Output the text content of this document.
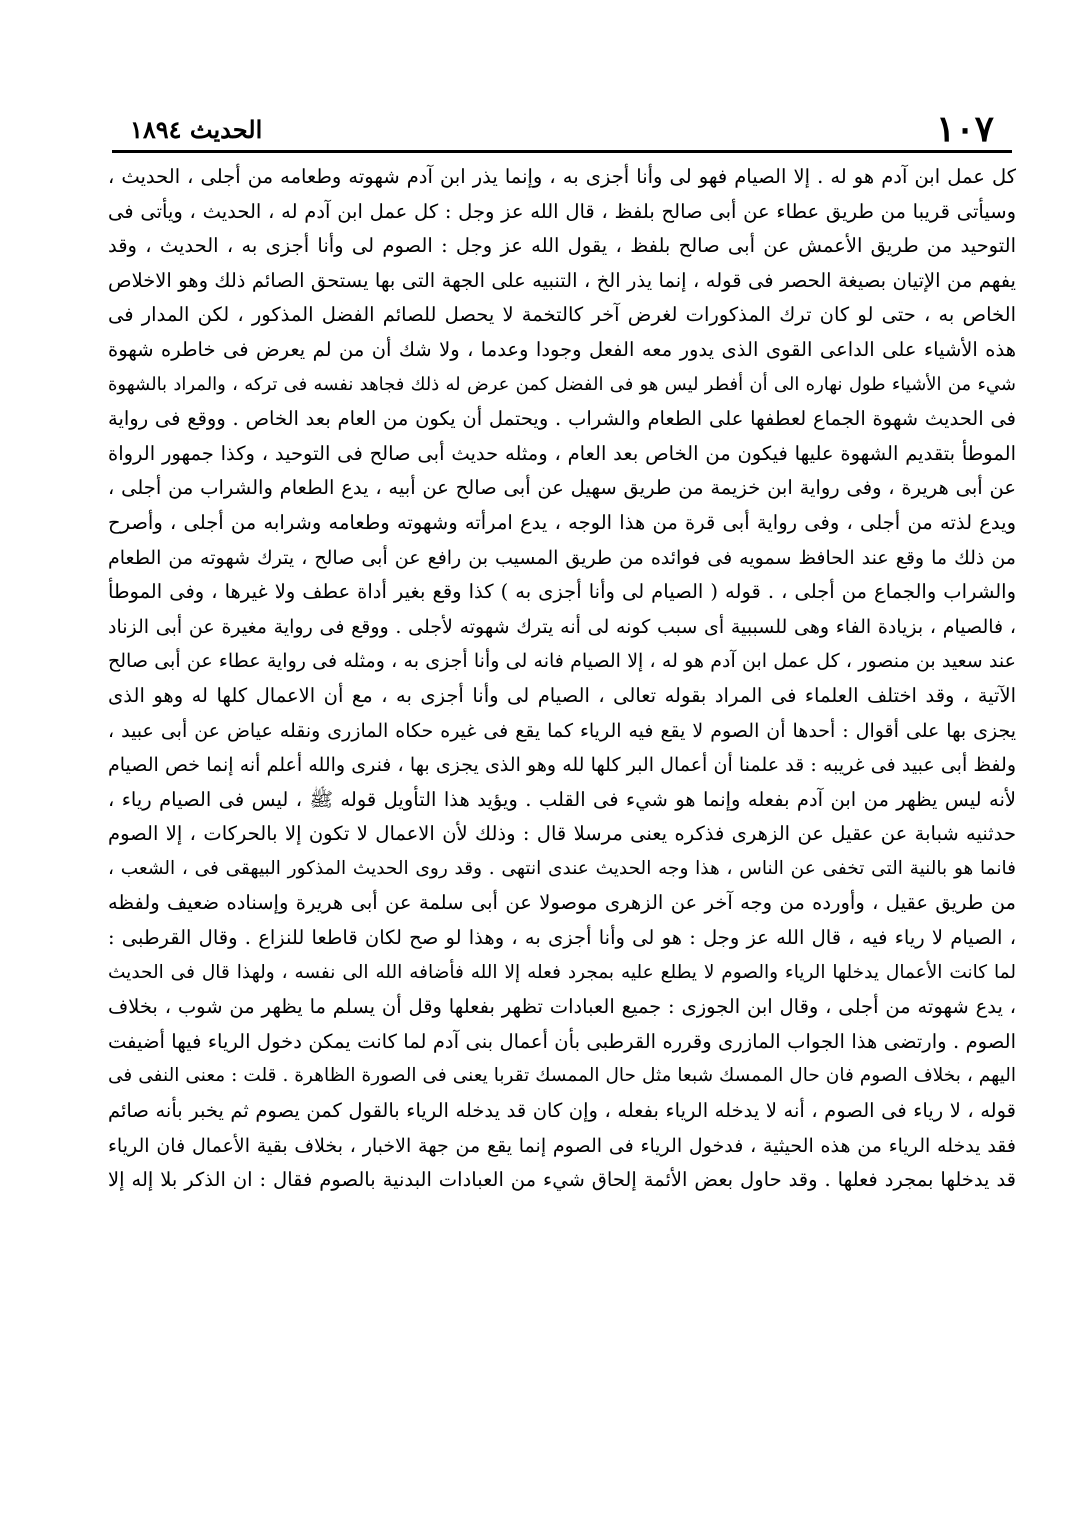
١٠٧
الحديث ١٨٩٤
كل عمل ابن آدم هو له . إلا الصيام فهو لى وأنا أجزى به ، وإنما يذر ابن آدم شهوته وطعامه من أجلى ، الحديث ،
وسيأتى قريبا من طريق عطاء عن أبى صالح بلفظ ، قال الله عز وجل : كل عمل ابن آدم له ، الحديث ، ويأتى فى
التوحيد من طريق الأعمش عن أبى صالح بلفظ ، يقول الله عز وجل : الصوم لى وأنا أجزى به ، الحديث ، وقد
يفهم من الإتيان بصيغة الحصر فى قوله ، إنما يذر الخ ، التنبيه على الجهة التى بها يستحق الصائم ذلك وهو الاخلاص
الخاص به ، حتى لو كان ترك المذكورات لغرض آخر كالتخمة لا يحصل للصائم الفضل المذكور ، لكن المدار فى
هذه الأشياء على الداعى القوى الذى يدور معه الفعل وجودا وعدما ، ولا شك أن من لم يعرض فى خاطره شهوة
شيء من الأشياء طول نهاره الى أن أفطر ليس هو فى الفضل كمن عرض له ذلك فجاهد نفسه فى تركه ، والمراد بالشهوة
فى الحديث شهوة الجماع لعطفها على الطعام والشراب . ويحتمل أن يكون من العام بعد الخاص . ووقع فى رواية
الموطأ بتقديم الشهوة عليها فيكون من الخاص بعد العام ، ومثله حديث أبى صالح فى التوحيد ، وكذا جمهور الرواة
عن أبى هريرة ، وفى رواية ابن خزيمة من طريق سهيل عن أبى صالح عن أبيه ، يدع الطعام والشراب من أجلى ،
ويدع لذته من أجلى ، وفى رواية أبى قرة من هذا الوجه ، يدع امرأته وشهوته وطعامه وشرابه من أجلى ، وأصرح
من ذلك ما وقع عند الحافظ سمويه فى فوائده من طريق المسيب بن رافع عن أبى صالح ، يترك شهوته من الطعام
والشراب والجماع من أجلى ، . قوله ( الصيام لى وأنا أجزى به ) كذا وقع بغير أداة عطف ولا غيرها ، وفى الموطأ
، فالصيام ، بزيادة الفاء وهى للسببية أى سبب كونه لى أنه يترك شهوته لأجلى . ووقع فى رواية مغيرة عن أبى الزناد
عند سعيد بن منصور ، كل عمل ابن آدم هو له ، إلا الصيام فانه لى وأنا أجزى به ، ومثله فى رواية عطاء عن أبى صالح
الآتية ، وقد اختلف العلماء فى المراد بقوله تعالى ، الصيام لى وأنا أجزى به ، مع أن الاعمال كلها له وهو الذى
يجزى بها على أقوال : أحدها أن الصوم لا يقع فيه الرياء كما يقع فى غيره حكاه المازرى ونقله عياض عن أبى عبيد ،
ولفظ أبى عبيد فى غريبه : قد علمنا أن أعمال البر كلها لله وهو الذى يجزى بها ، فنرى والله أعلم أنه إنما خص الصيام
لأنه ليس يظهر من ابن آدم بفعله وإنما هو شيء فى القلب . ويؤيد هذا التأويل قوله ﷺ ، ليس فى الصيام رياء ،
حدثنيه شبابة عن عقيل عن الزهرى فذكره يعنى مرسلا قال : وذلك لأن الاعمال لا تكون إلا بالحركات ، إلا الصوم
فانما هو بالنية التى تخفى عن الناس ، هذا وجه الحديث عندى انتهى . وقد روى الحديث المذكور البيهقى فى ، الشعب ،
من طريق عقيل ، وأورده من وجه آخر عن الزهرى موصولا عن أبى سلمة عن أبى هريرة وإسناده ضعيف ولفظه
، الصيام لا رياء فيه ، قال الله عز وجل : هو لى وأنا أجزى به ، وهذا لو صح لكان قاطعا للنزاع . وقال القرطبى :
لما كانت الأعمال يدخلها الرياء والصوم لا يطلع عليه بمجرد فعله إلا الله فأضافه الله الى نفسه ، ولهذا قال فى الحديث
، يدع شهوته من أجلى ، وقال ابن الجوزى : جميع العبادات تظهر بفعلها وقل أن يسلم ما يظهر من شوب ، بخلاف
الصوم . وارتضى هذا الجواب المازرى وقرره القرطبى بأن أعمال بنى آدم لما كانت يمكن دخول الرياء فيها أضيفت
اليهم ، بخلاف الصوم فان حال الممسك شبعا مثل حال الممسك تقربا يعنى فى الصورة الظاهرة . قلت : معنى النفى فى
قوله ، لا رياء فى الصوم ، أنه لا يدخله الرياء بفعله ، وإن كان قد يدخله الرياء بالقول كمن يصوم ثم يخبر بأنه صائم
فقد يدخله الرياء من هذه الحيثية ، فدخول الرياء فى الصوم إنما يقع من جهة الاخبار ، بخلاف بقية الأعمال فان الرياء
قد يدخلها بمجرد فعلها . وقد حاول بعض الأئمة إلحاق شيء من العبادات البدنية بالصوم فقال : ان الذكر بلا إله إلا
